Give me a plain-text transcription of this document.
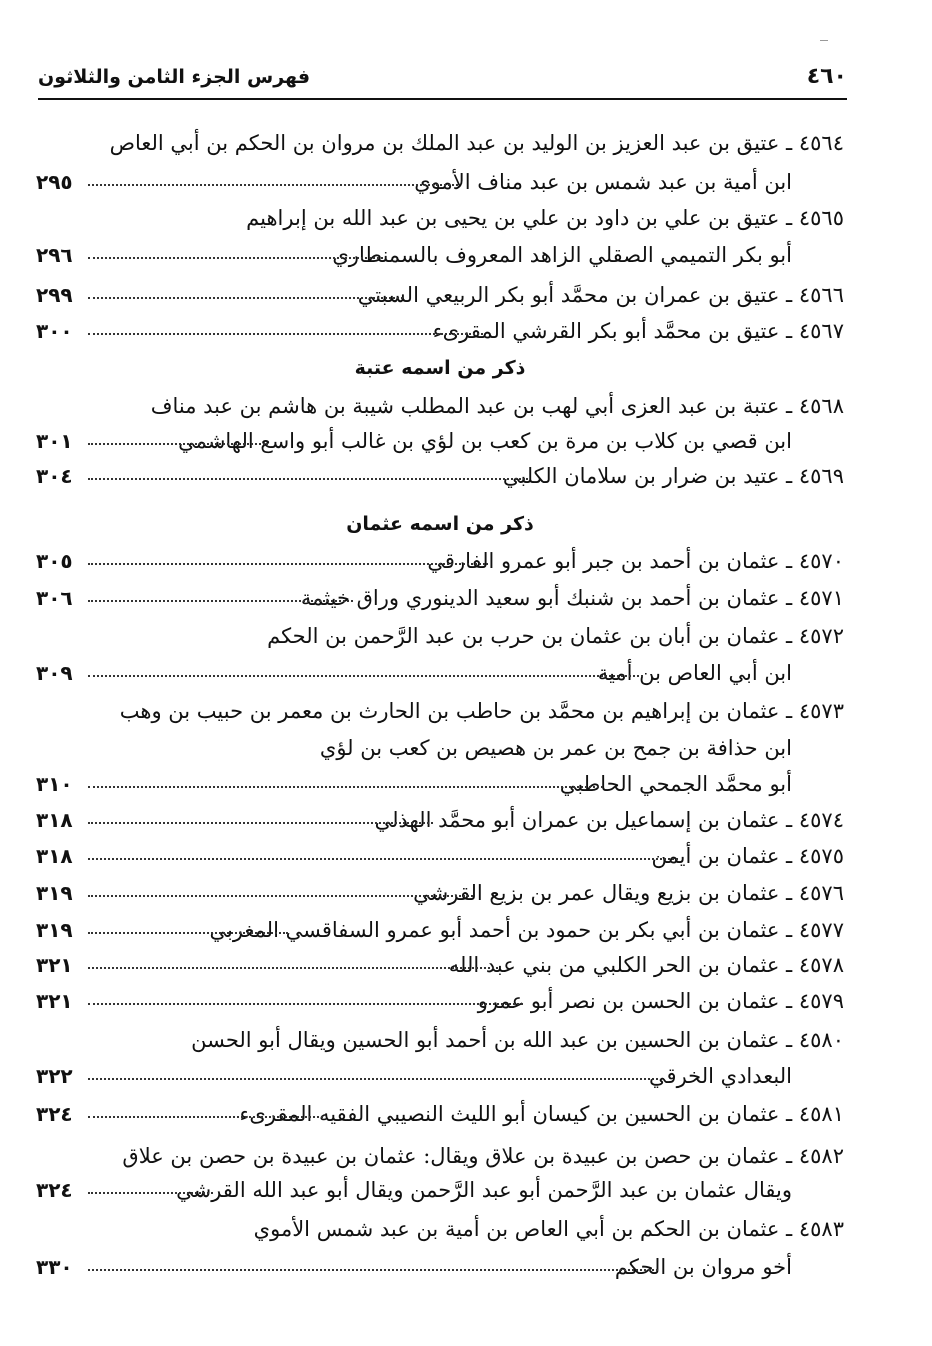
٤٦٠
فهرس الجزء الثامن والثلاثون
٤٥٦٤ ـ عتيق بن عبد العزيز بن الوليد بن عبد الملك بن مروان بن الحكم بن أبي العاص
ابن أمية بن عبد شمس بن عبد مناف الأموي
٢٩٥
٤٥٦٥ ـ عتيق بن علي بن داود بن علي بن يحيى بن عبد الله بن إبراهيم
أبو بكر التميمي الصقلي الزاهد المعروف بالسمنطاري
٢٩٦
٤٥٦٦ ـ عتيق بن عمران بن محمَّد أبو بكر الربيعي السبتي
٢٩٩
٤٥٦٧ ـ عتيق بن محمَّد أبو بكر القرشي المقرىء
٣٠٠
ذكر من اسمه عتبة
٤٥٦٨ ـ عتبة بن عبد العزى أبي لهب بن عبد المطلب شيبة بن هاشم بن عبد مناف
ابن قصي بن كلاب بن مرة بن كعب بن لؤي بن غالب أبو واسع الهاشمي
٣٠١
٤٥٦٩ ـ عتيد بن ضرار بن سلامان الكلبي
٣٠٤
ذكر من اسمه عثمان
٤٥٧٠ ـ عثمان بن أحمد بن جبر أبو عمرو الفارقي
٣٠٥
٤٥٧١ ـ عثمان بن أحمد بن شنبك أبو سعيد الدينوري وراق خيثمة
٣٠٦
٤٥٧٢ ـ عثمان بن أبان بن عثمان بن حرب بن عبد الرَّحمن بن الحكم
ابن أبي العاص بن أمية
٣٠٩
٤٥٧٣ ـ عثمان بن إبراهيم بن محمَّد بن حاطب بن الحارث بن معمر بن حبيب بن وهب
ابن حذافة بن جمح بن عمر بن هصيص بن كعب بن لؤي
أبو محمَّد الجمحي الحاطبي
٣١٠
٤٥٧٤ ـ عثمان بن إسماعيل بن عمران أبو محمَّد الهذلي
٣١٨
٤٥٧٥ ـ عثمان بن أيمن
٣١٨
٤٥٧٦ ـ عثمان بن بزيع ويقال عمر بن بزيع القرشي
٣١٩
٤٥٧٧ ـ عثمان بن أبي بكر بن حمود بن أحمد أبو عمرو السفاقسي المغربي
٣١٩
٤٥٧٨ ـ عثمان بن الحر الكلبي من بني عبد الله
٣٢١
٤٥٧٩ ـ عثمان بن الحسن بن نصر أبو عمرو
٣٢١
٤٥٨٠ ـ عثمان بن الحسين بن عبد الله بن أحمد أبو الحسين ويقال أبو الحسن
البعدادي الخرقي
٣٢٢
٤٥٨١ ـ عثمان بن الحسين بن كيسان أبو الليث النصيبي الفقيه المقرىء
٣٢٤
٤٥٨٢ ـ عثمان بن حصن بن عبيدة بن علاق ويقال: عثمان بن عبيدة بن حصن بن علاق
ويقال عثمان بن عبد الرَّحمن أبو عبد الرَّحمن ويقال أبو عبد الله القرشي
٣٢٤
٤٥٨٣ ـ عثمان بن الحكم بن أبي العاص بن أمية بن عبد شمس الأموي
أخو مروان بن الحكم
٣٣٠
